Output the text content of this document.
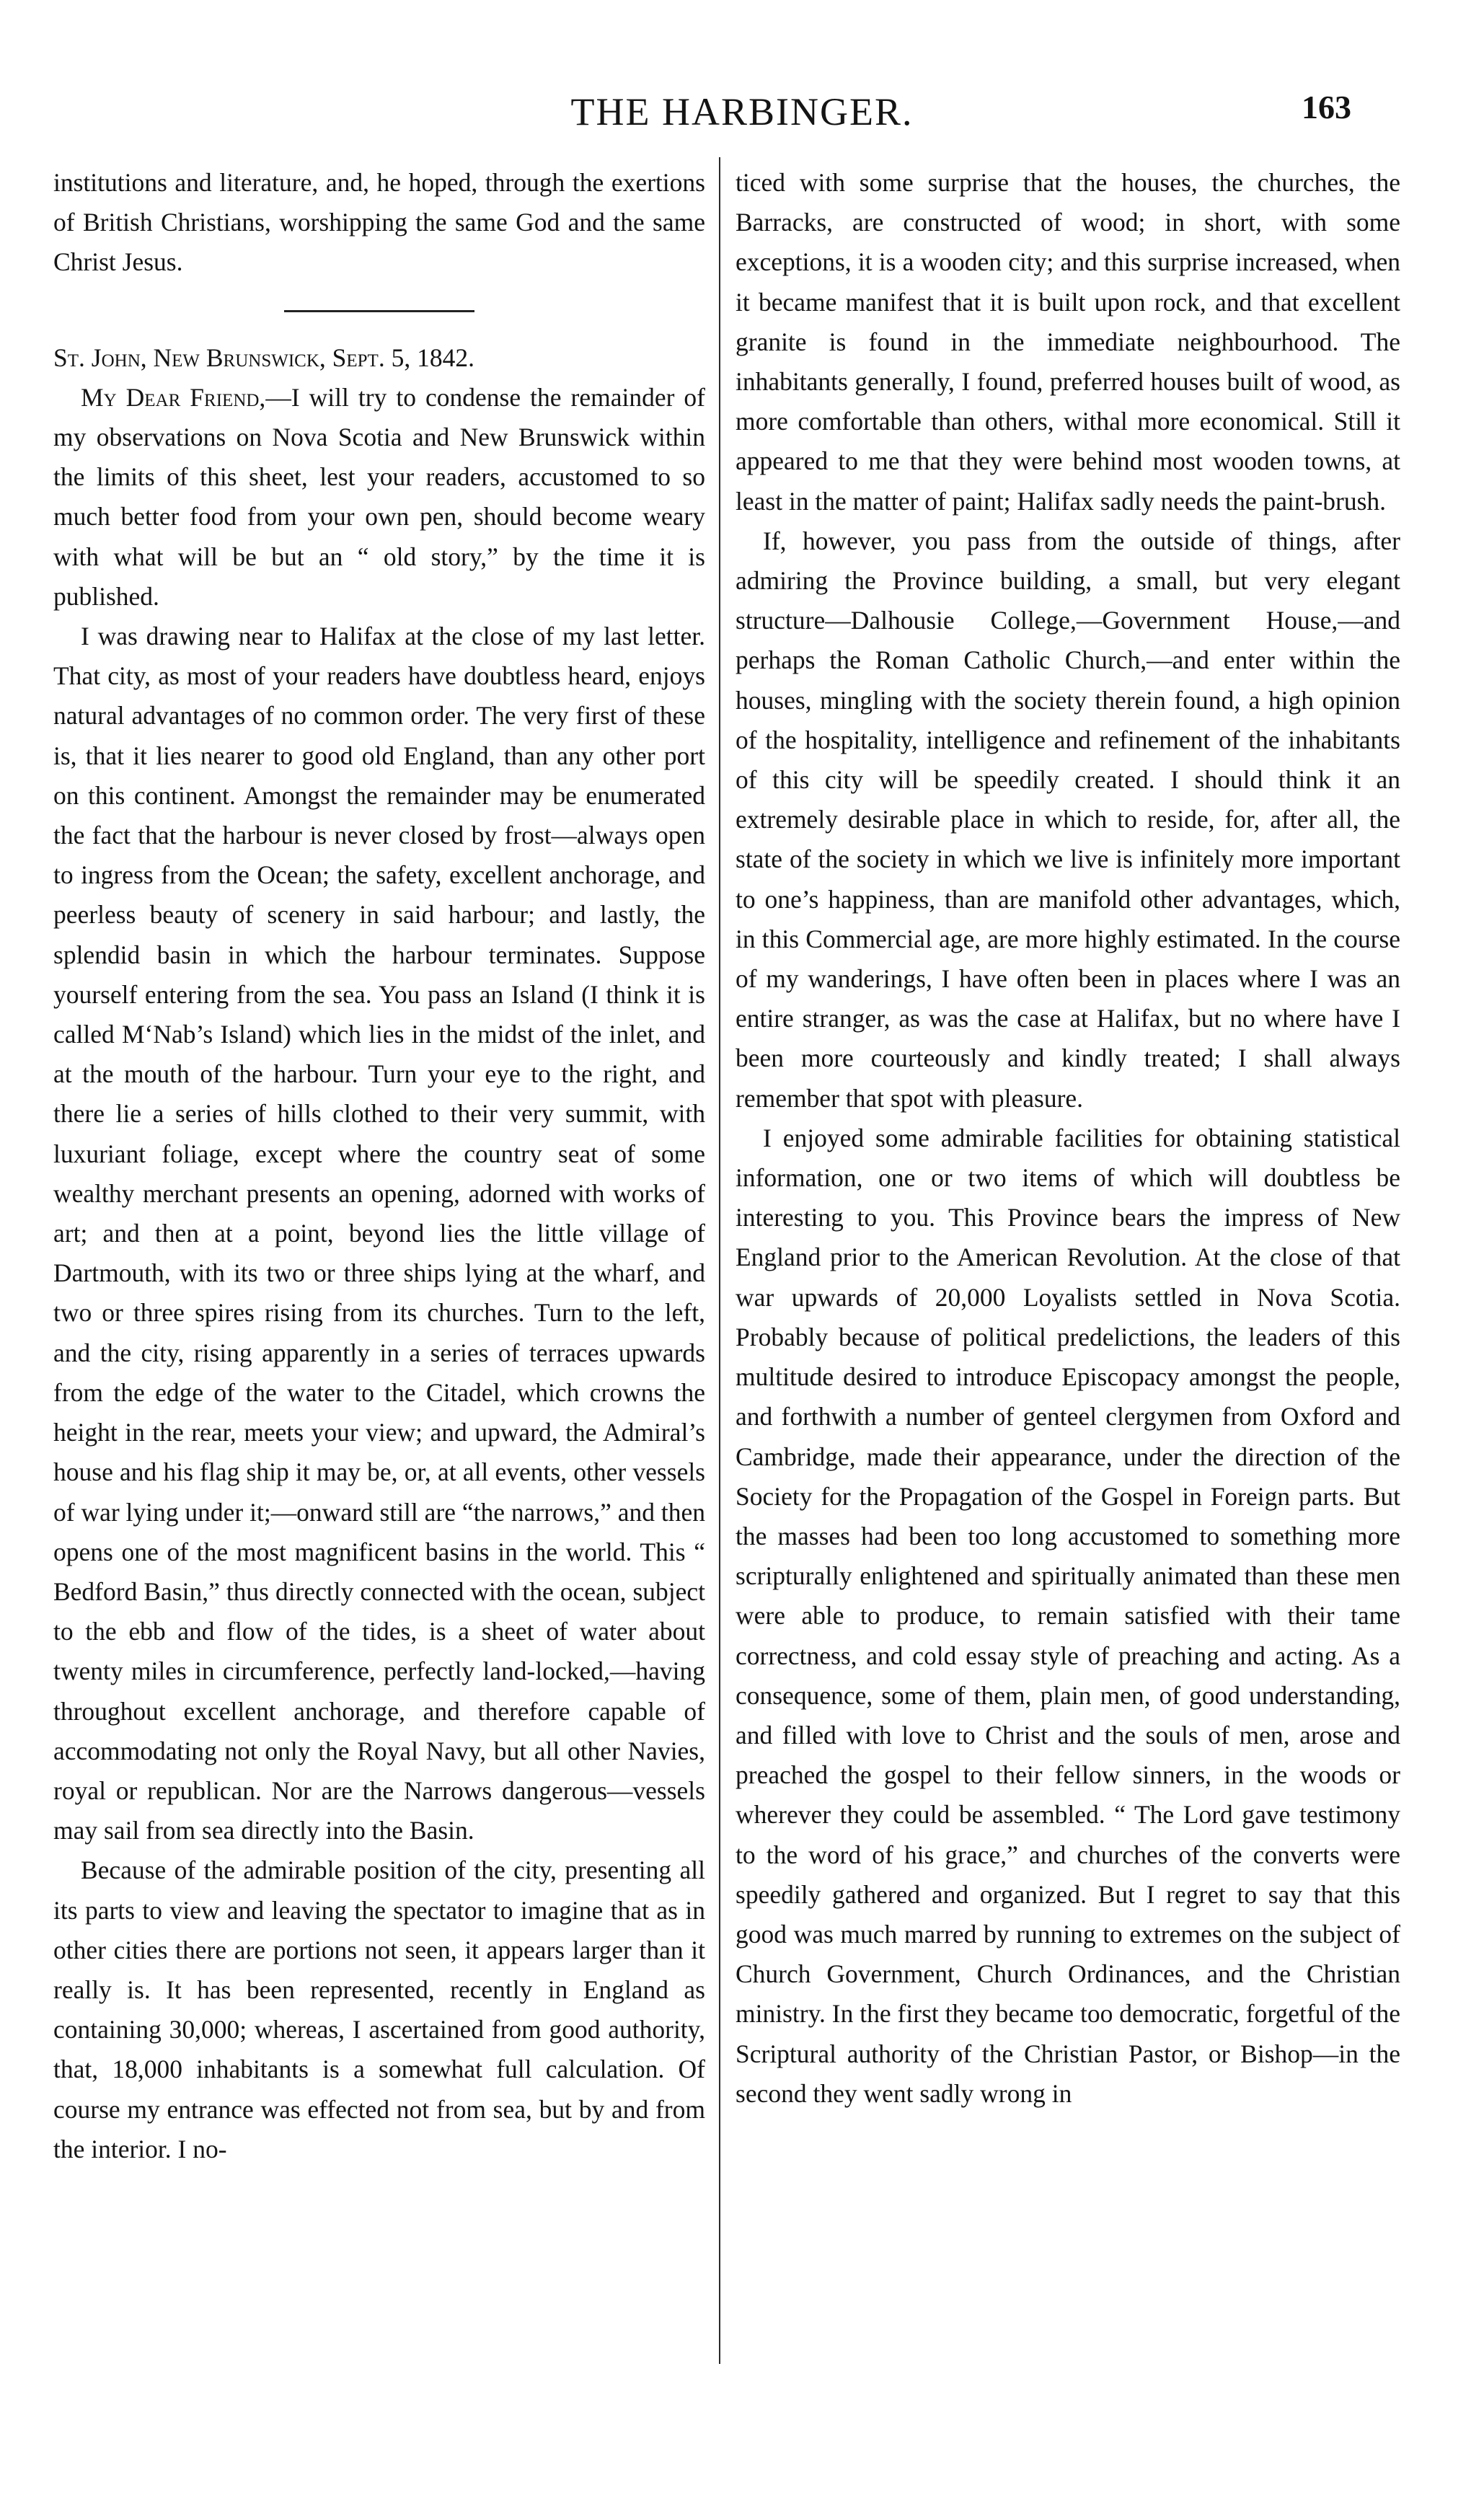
THE HARBINGER.	163

institutions and literature, and, he hoped, through the exertions of British Christians, worshipping the same God and the same Christ Jesus.

St. John, New Brunswick, Sept. 5, 1842.

My Dear Friend,—I will try to condense the remainder of my observations on Nova Scotia and New Brunswick within the limits of this sheet, lest your readers, accustomed to so much better food from your own pen, should become weary with what will be but an “ old story,” by the time it is published.

I was drawing near to Halifax at the close of my last letter. That city, as most of your readers have doubtless heard, enjoys natural advantages of no common order. The very first of these is, that it lies nearer to good old England, than any other port on this continent. Amongst the remainder may be enumerated the fact that the harbour is never closed by frost—always open to ingress from the Ocean; the safety, excellent anchorage, and peerless beauty of scenery in said harbour; and lastly, the splendid basin in which the harbour terminates. Suppose yourself entering from the sea. You pass an Island (I think it is called M‘Nab’s Island) which lies in the midst of the inlet, and at the mouth of the harbour. Turn your eye to the right, and there lie a series of hills clothed to their very summit, with luxuriant foliage, except where the country seat of some wealthy merchant presents an opening, adorned with works of art; and then at a point, beyond lies the little village of Dartmouth, with its two or three ships lying at the wharf, and two or three spires rising from its churches. Turn to the left, and the city, rising apparently in a series of terraces upwards from the edge of the water to the Citadel, which crowns the height in the rear, meets your view; and upward, the Admiral’s house and his flag ship it may be, or, at all events, other vessels of war lying under it;—onward still are “the narrows,” and then opens one of the most magnificent basins in the world. This “ Bedford Basin,” thus directly connected with the ocean, subject to the ebb and flow of the tides, is a sheet of water about twenty miles in circumference, perfectly land-locked,—having throughout excellent anchorage, and therefore capable of accommodating not only the Royal Navy, but all other Navies, royal or republican. Nor are the Narrows dangerous—vessels may sail from sea directly into the Basin.

Because of the admirable position of the city, presenting all its parts to view and leaving the spectator to imagine that as in other cities there are portions not seen, it appears larger than it really is. It has been represented, recently in England as containing 30,000; whereas, I ascertained from good authority, that, 18,000 inhabitants is a somewhat full calculation. Of course my entrance was effected not from sea, but by and from the interior. I no-

ticed with some surprise that the houses, the churches, the Barracks, are constructed of wood; in short, with some exceptions, it is a wooden city; and this surprise increased, when it became manifest that it is built upon rock, and that excellent granite is found in the immediate neighbourhood. The inhabitants generally, I found, preferred houses built of wood, as more comfortable than others, withal more economical. Still it appeared to me that they were behind most wooden towns, at least in the matter of paint; Halifax sadly needs the paint-brush.

If, however, you pass from the outside of things, after admiring the Province building, a small, but very elegant structure—Dalhousie College,—Government House,—and perhaps the Roman Catholic Church,—and enter within the houses, mingling with the society therein found, a high opinion of the hospitality, intelligence and refinement of the inhabitants of this city will be speedily created. I should think it an extremely desirable place in which to reside, for, after all, the state of the society in which we live is infinitely more important to one’s happiness, than are manifold other advantages, which, in this Commercial age, are more highly estimated. In the course of my wanderings, I have often been in places where I was an entire stranger, as was the case at Halifax, but no where have I been more courteously and kindly treated; I shall always remember that spot with pleasure.

I enjoyed some admirable facilities for obtaining statistical information, one or two items of which will doubtless be interesting to you. This Province bears the impress of New England prior to the American Revolution. At the close of that war upwards of 20,000 Loyalists settled in Nova Scotia. Probably because of political predelictions, the leaders of this multitude desired to introduce Episcopacy amongst the people, and forthwith a number of genteel clergymen from Oxford and Cambridge, made their appearance, under the direction of the Society for the Propagation of the Gospel in Foreign parts. But the masses had been too long accustomed to something more scripturally enlightened and spiritually animated than these men were able to produce, to remain satisfied with their tame correctness, and cold essay style of preaching and acting. As a consequence, some of them, plain men, of good understanding, and filled with love to Christ and the souls of men, arose and preached the gospel to their fellow sinners, in the woods or wherever they could be assembled. “ The Lord gave testimony to the word of his grace,” and churches of the converts were speedily gathered and organized. But I regret to say that this good was much marred by running to extremes on the subject of Church Government, Church Ordinances, and the Christian ministry. In the first they became too democratic, forgetful of the Scriptural authority of the Christian Pastor, or Bishop—in the second they went sadly wrong in
